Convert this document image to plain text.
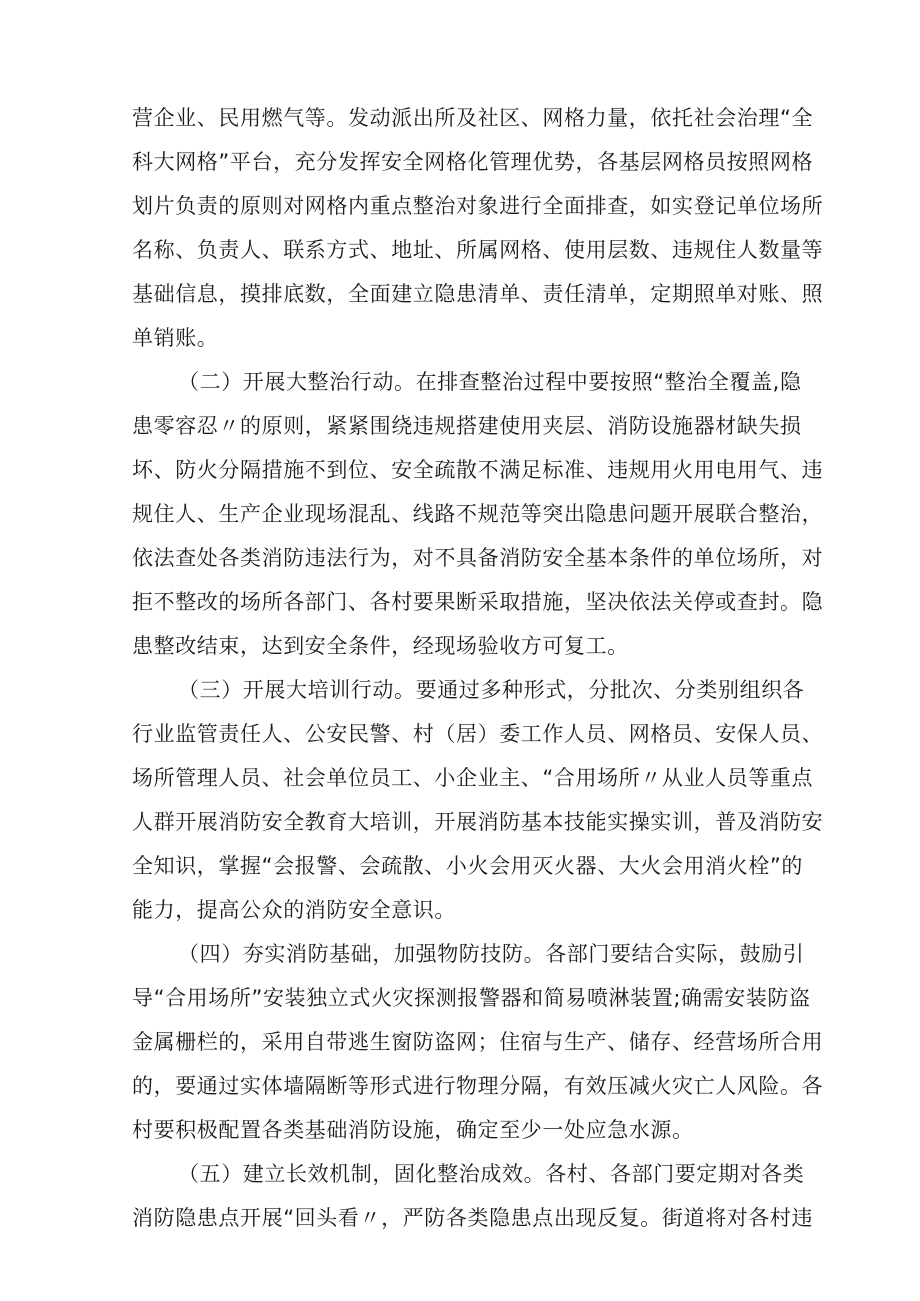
营企业、民用燃气等。发动派出所及社区、网格力量，依托社会治理“全
科大网格”平台，充分发挥安全网格化管理优势，各基层网格员按照网格
划片负责的原则对网格内重点整治对象进行全面排查，如实登记单位场所
名称、负责人、联系方式、地址、所属网格、使用层数、违规住人数量等
基础信息，摸排底数，全面建立隐患清单、责任清单，定期照单对账、照
单销账。
（二）开展大整治行动。在排查整治过程中要按照“整治全覆盖,隐
患零容忍〃的原则，紧紧围绕违规搭建使用夹层、消防设施器材缺失损
坏、防火分隔措施不到位、安全疏散不满足标准、违规用火用电用气、违
规住人、生产企业现场混乱、线路不规范等突出隐患问题开展联合整治，
依法查处各类消防违法行为，对不具备消防安全基本条件的单位场所，对
拒不整改的场所各部门、各村要果断采取措施，坚决依法关停或查封。隐
患整改结束，达到安全条件，经现场验收方可复工。
（三）开展大培训行动。要通过多种形式，分批次、分类别组织各
行业监管责任人、公安民警、村（居）委工作人员、网格员、安保人员、
场所管理人员、社会单位员工、小企业主、“合用场所〃从业人员等重点
人群开展消防安全教育大培训，开展消防基本技能实操实训，普及消防安
全知识，掌握“会报警、会疏散、小火会用灭火器、大火会用消火栓”的
能力，提高公众的消防安全意识。
（四）夯实消防基础，加强物防技防。各部门要结合实际，鼓励引
导“合用场所”安装独立式火灾探测报警器和简易喷淋装置;确需安装防盗
金属栅栏的，采用自带逃生窗防盗网；住宿与生产、储存、经营场所合用
的，要通过实体墙隔断等形式进行物理分隔，有效压减火灾亡人风险。各
村要积极配置各类基础消防设施，确定至少一处应急水源。
（五）建立长效机制，固化整治成效。各村、各部门要定期对各类
消防隐患点开展“回头看〃，严防各类隐患点出现反复。街道将对各村违
